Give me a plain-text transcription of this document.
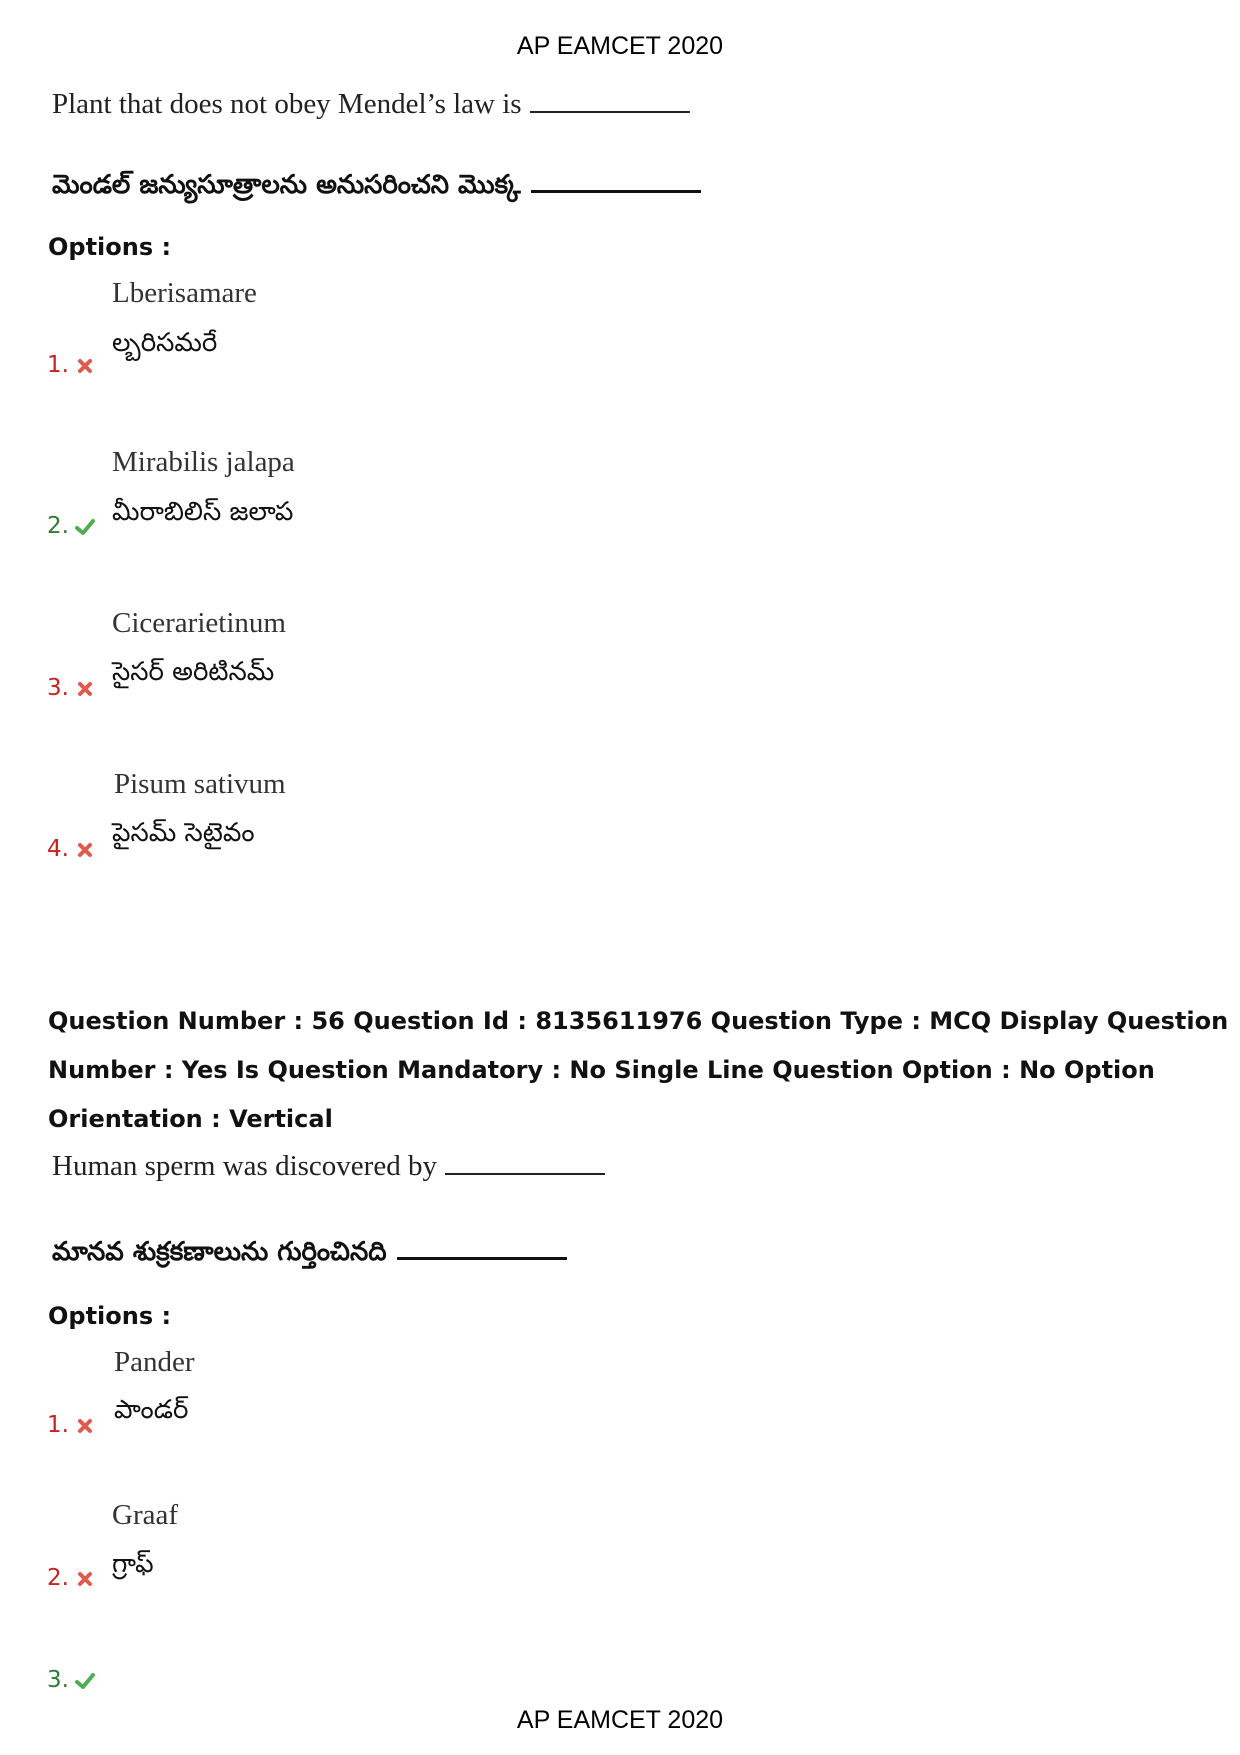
AP EAMCET 2020
Plant that does not obey Mendel’s law is
మెండల్ జన్యుసూత్రాలను అనుసరించని మొక్క
Options :
Lberisamare
ల్బరిసమరే
1.
Mirabilis jalapa
మీరాబిలిస్ జలాప
2.
Cicerarietinum
సైసర్ అరిటినమ్
3.
Pisum sativum
పైసమ్ సెటైవం
4.
Question Number : 56 Question Id : 8135611976 Question Type : MCQ Display Question
Number : Yes Is Question Mandatory : No Single Line Question Option : No Option
Orientation : Vertical
Human sperm was discovered by
మానవ శుక్రకణాలును గుర్తించినది
Options :
Pander
పాండర్
1.
Graaf
గ్రాఫ్
2.
3.
AP EAMCET 2020
